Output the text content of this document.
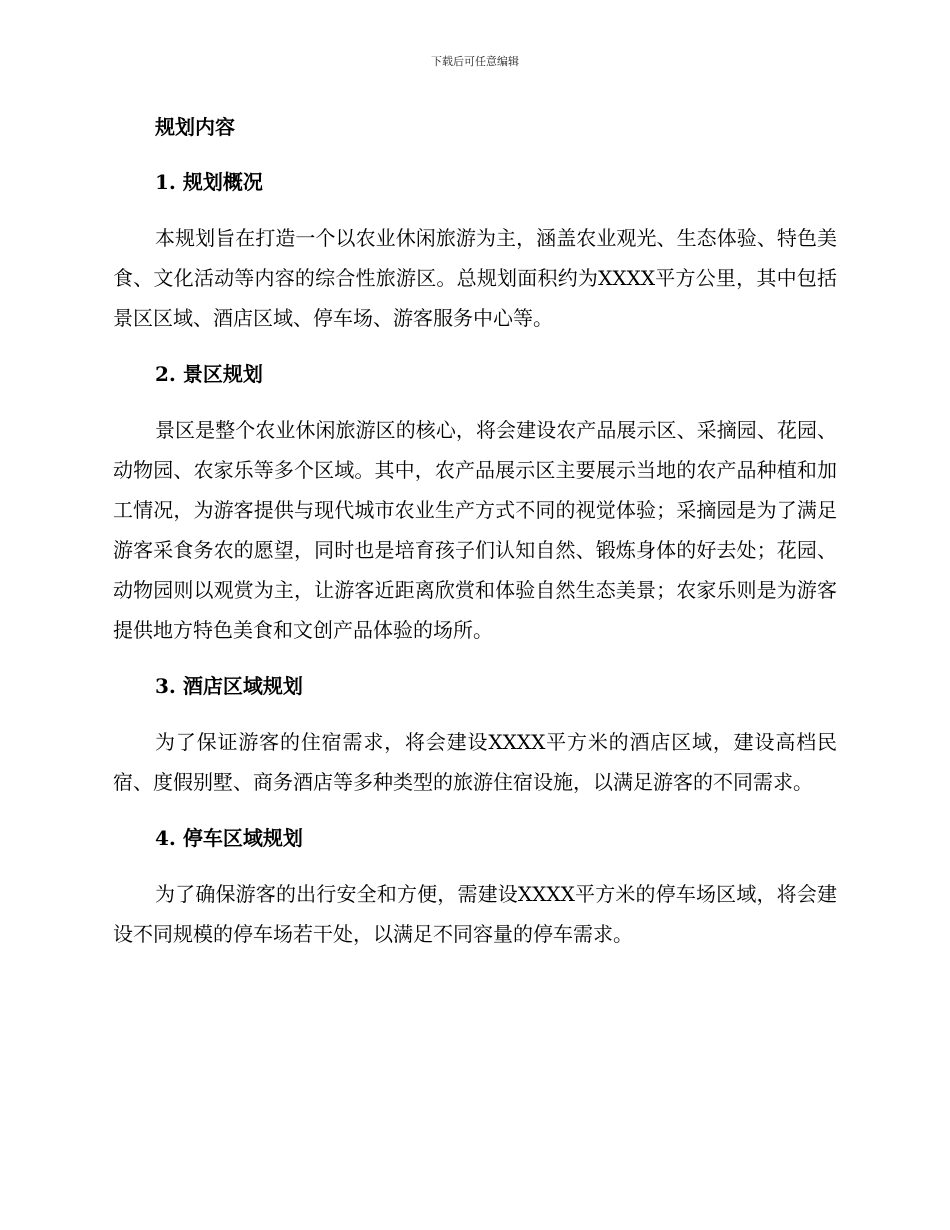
下载后可任意编辑
规划内容
1. 规划概况
本规划旨在打造一个以农业休闲旅游为主，涵盖农业观光、生态体验、特色美食、文化活动等内容的综合性旅游区。总规划面积约为XXXX平方公里，其中包括景区区域、酒店区域、停车场、游客服务中心等。
2. 景区规划
景区是整个农业休闲旅游区的核心，将会建设农产品展示区、采摘园、花园、动物园、农家乐等多个区域。其中，农产品展示区主要展示当地的农产品种植和加工情况，为游客提供与现代城市农业生产方式不同的视觉体验；采摘园是为了满足游客采食务农的愿望，同时也是培育孩子们认知自然、锻炼身体的好去处；花园、动物园则以观赏为主，让游客近距离欣赏和体验自然生态美景；农家乐则是为游客提供地方特色美食和文创产品体验的场所。
3. 酒店区域规划
为了保证游客的住宿需求，将会建设XXXX平方米的酒店区域，建设高档民宿、度假别墅、商务酒店等多种类型的旅游住宿设施，以满足游客的不同需求。
4. 停车区域规划
为了确保游客的出行安全和方便，需建设XXXX平方米的停车场区域，将会建设不同规模的停车场若干处，以满足不同容量的停车需求。
